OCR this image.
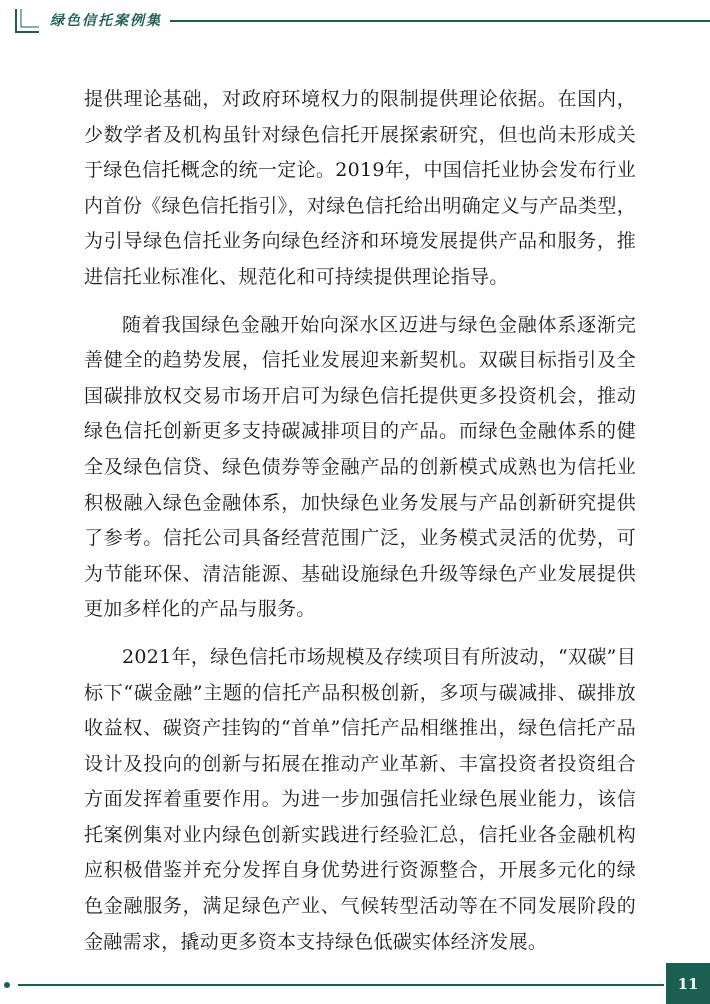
绿色信托案例集

提供理论基础，对政府环境权力的限制提供理论依据。在国内，少数学者及机构虽针对绿色信托开展探索研究，但也尚未形成关于绿色信托概念的统一定论。2019年，中国信托业协会发布行业内首份《绿色信托指引》，对绿色信托给出明确定义与产品类型，为引导绿色信托业务向绿色经济和环境发展提供产品和服务，推进信托业标准化、规范化和可持续提供理论指导。

随着我国绿色金融开始向深水区迈进与绿色金融体系逐渐完善健全的趋势发展，信托业发展迎来新契机。双碳目标指引及全国碳排放权交易市场开启可为绿色信托提供更多投资机会，推动绿色信托创新更多支持碳减排项目的产品。而绿色金融体系的健全及绿色信贷、绿色债券等金融产品的创新模式成熟也为信托业积极融入绿色金融体系，加快绿色业务发展与产品创新研究提供了参考。信托公司具备经营范围广泛，业务模式灵活的优势，可为节能环保、清洁能源、基础设施绿色升级等绿色产业发展提供更加多样化的产品与服务。

2021年，绿色信托市场规模及存续项目有所波动，“双碳”目标下“碳金融”主题的信托产品积极创新，多项与碳减排、碳排放收益权、碳资产挂钩的“首单”信托产品相继推出，绿色信托产品设计及投向的创新与拓展在推动产业革新、丰富投资者投资组合方面发挥着重要作用。为进一步加强信托业绿色展业能力，该信托案例集对业内绿色创新实践进行经验汇总，信托业各金融机构应积极借鉴并充分发挥自身优势进行资源整合，开展多元化的绿色金融服务，满足绿色产业、气候转型活动等在不同发展阶段的金融需求，撬动更多资本支持绿色低碳实体经济发展。

11
